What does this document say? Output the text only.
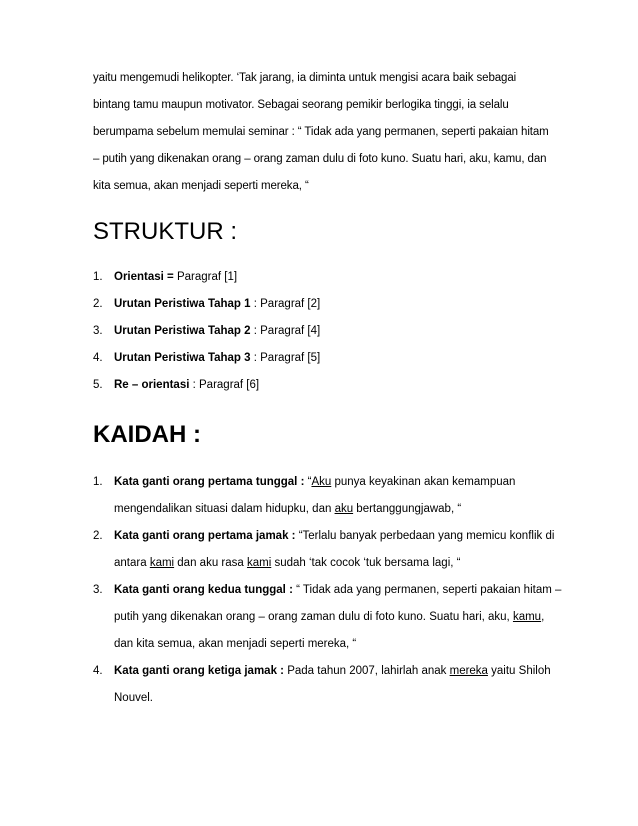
yaitu mengemudi helikopter. ‘Tak jarang, ia diminta untuk mengisi acara baik sebagai
bintang tamu maupun motivator. Sebagai seorang pemikir berlogika tinggi, ia selalu
berumpama sebelum memulai seminar : “ Tidak ada yang permanen, seperti pakaian hitam
– putih yang dikenakan orang – orang zaman dulu di foto kuno. Suatu hari, aku, kamu, dan
kita semua, akan menjadi seperti mereka, “
STRUKTUR :
1. Orientasi = Paragraf [1]
2. Urutan Peristiwa Tahap 1 : Paragraf [2]
3. Urutan Peristiwa Tahap 2 : Paragraf [4]
4. Urutan Peristiwa Tahap 3 : Paragraf [5]
5. Re – orientasi : Paragraf [6]
KAIDAH :
1. Kata ganti orang pertama tunggal : “Aku punya keyakinan akan kemampuan
mengendalikan situasi dalam hidupku, dan aku bertanggungjawab, “
2. Kata ganti orang pertama jamak : “Terlalu banyak perbedaan yang memicu konflik di
antara kami dan aku rasa kami sudah ‘tak cocok ‘tuk bersama lagi, “
3. Kata ganti orang kedua tunggal : “ Tidak ada yang permanen, seperti pakaian hitam –
putih yang dikenakan orang – orang zaman dulu di foto kuno. Suatu hari, aku, kamu,
dan kita semua, akan menjadi seperti mereka, “
4. Kata ganti orang ketiga jamak : Pada tahun 2007, lahirlah anak mereka yaitu Shiloh
Nouvel.
